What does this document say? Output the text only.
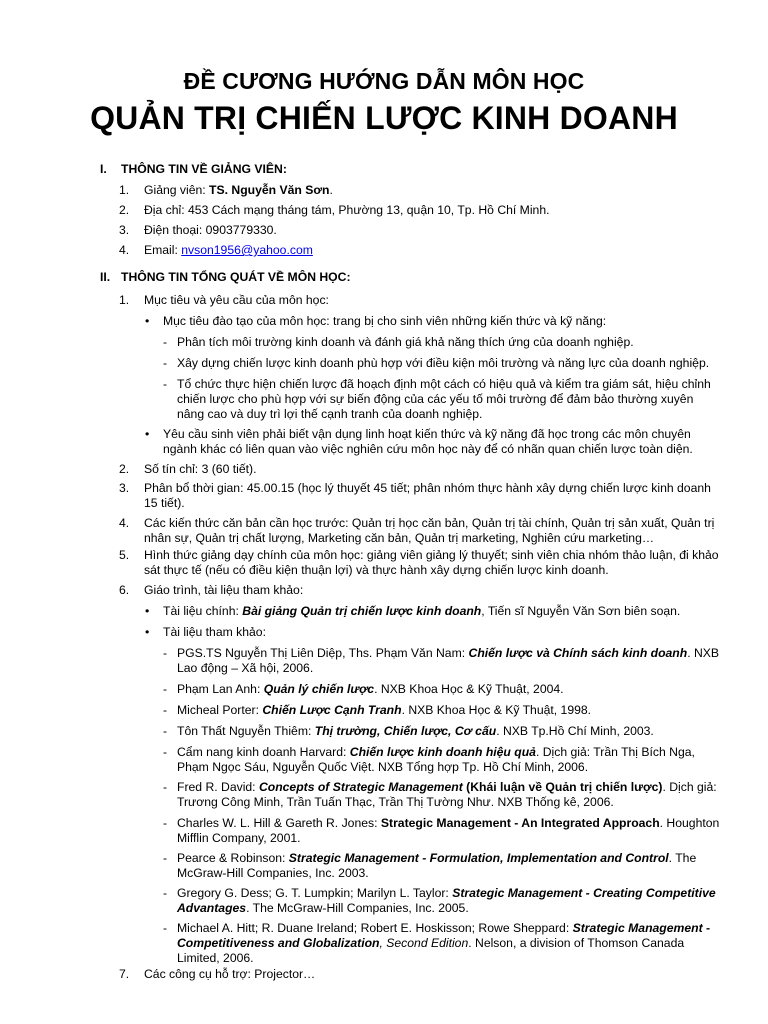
ĐỀ CƯƠNG HƯỚNG DẪN MÔN HỌC
QUẢN TRỊ CHIẾN LƯỢC KINH DOANH
I. THÔNG TIN VỀ GIẢNG VIÊN:
1. Giảng viên: TS. Nguyễn Văn Sơn.
2. Địa chỉ: 453 Cách mạng tháng tám, Phường 13, quận 10, Tp. Hồ Chí Minh.
3. Điện thoại: 0903779330.
4. Email: nvson1956@yahoo.com
II. THÔNG TIN TỔNG QUÁT VỀ MÔN HỌC:
1. Mục tiêu và yêu cầu của môn học:
• Mục tiêu đào tạo của môn học: trang bị cho sinh viên những kiến thức và kỹ năng:
- Phân tích môi trường kinh doanh và đánh giá khả năng thích ứng của doanh nghiệp.
- Xây dựng chiến lược kinh doanh phù hợp với điều kiện môi trường và năng lực của doanh nghiệp.
- Tổ chức thực hiện chiến lược đã hoạch định một cách có hiệu quả và kiểm tra giám sát, hiệu chỉnh
chiến lược cho phù hợp với sự biến động của các yếu tố môi trường để đảm bảo thường xuyên
nâng cao và duy trì lợi thế cạnh tranh của doanh nghiệp.
• Yêu cầu sinh viên phải biết vận dụng linh hoạt kiến thức và kỹ năng đã học trong các môn chuyên
ngành khác có liên quan vào việc nghiên cứu môn học này để có nhãn quan chiến lược toàn diện.
2. Số tín chỉ: 3 (60 tiết).
3. Phân bổ thời gian: 45.00.15 (học lý thuyết 45 tiết; phân nhóm thực hành xây dựng chiến lược kinh doanh
15 tiết).
4. Các kiến thức căn bản cần học trước: Quản trị học căn bản, Quản trị tài chính, Quản trị sản xuất, Quản trị
nhân sự, Quản trị chất lượng, Marketing căn bản, Quản trị marketing, Nghiên cứu marketing…
5. Hình thức giảng dạy chính của môn học: giảng viên giảng lý thuyết; sinh viên chia nhóm thảo luận, đi khảo
sát thực tế (nếu có điều kiện thuận lợi) và thực hành xây dựng chiến lược kinh doanh.
6. Giáo trình, tài liệu tham khảo:
• Tài liệu chính: Bài giảng Quản trị chiến lược kinh doanh, Tiến sĩ Nguyễn Văn Sơn biên soạn.
• Tài liệu tham khảo:
- PGS.TS Nguyễn Thị Liên Diệp, Ths. Phạm Văn Nam: Chiến lược và Chính sách kinh doanh. NXB
Lao động – Xã hội, 2006.
- Phạm Lan Anh: Quản lý chiến lược. NXB Khoa Học & Kỹ Thuật, 2004.
- Micheal Porter: Chiến Lược Cạnh Tranh. NXB Khoa Học & Kỹ Thuật, 1998.
- Tôn Thất Nguyễn Thiêm: Thị trường, Chiến lược, Cơ cấu. NXB Tp.Hồ Chí Minh, 2003.
- Cẩm nang kinh doanh Harvard: Chiến lược kinh doanh hiệu quả. Dịch giả: Trần Thị Bích Nga,
Phạm Ngọc Sáu, Nguyễn Quốc Việt. NXB Tổng hợp Tp. Hồ Chí Minh, 2006.
- Fred R. David: Concepts of Strategic Management (Khái luận về Quản trị chiến lược). Dịch giả:
Trương Công Minh, Trần Tuấn Thạc, Trần Thị Tường Như. NXB Thống kê, 2006.
- Charles W. L. Hill & Gareth R. Jones: Strategic Management - An Integrated Approach. Houghton
Mifflin Company, 2001.
- Pearce & Robinson: Strategic Management - Formulation, Implementation and Control. The
McGraw-Hill Companies, Inc. 2003.
- Gregory G. Dess; G. T. Lumpkin; Marilyn L. Taylor: Strategic Management - Creating Competitive
Advantages. The McGraw-Hill Companies, Inc. 2005.
- Michael A. Hitt; R. Duane Ireland; Robert E. Hoskisson; Rowe Sheppard: Strategic Management -
Competitiveness and Globalization, Second Edition. Nelson, a division of Thomson Canada
Limited, 2006.
7. Các công cụ hỗ trợ: Projector…
